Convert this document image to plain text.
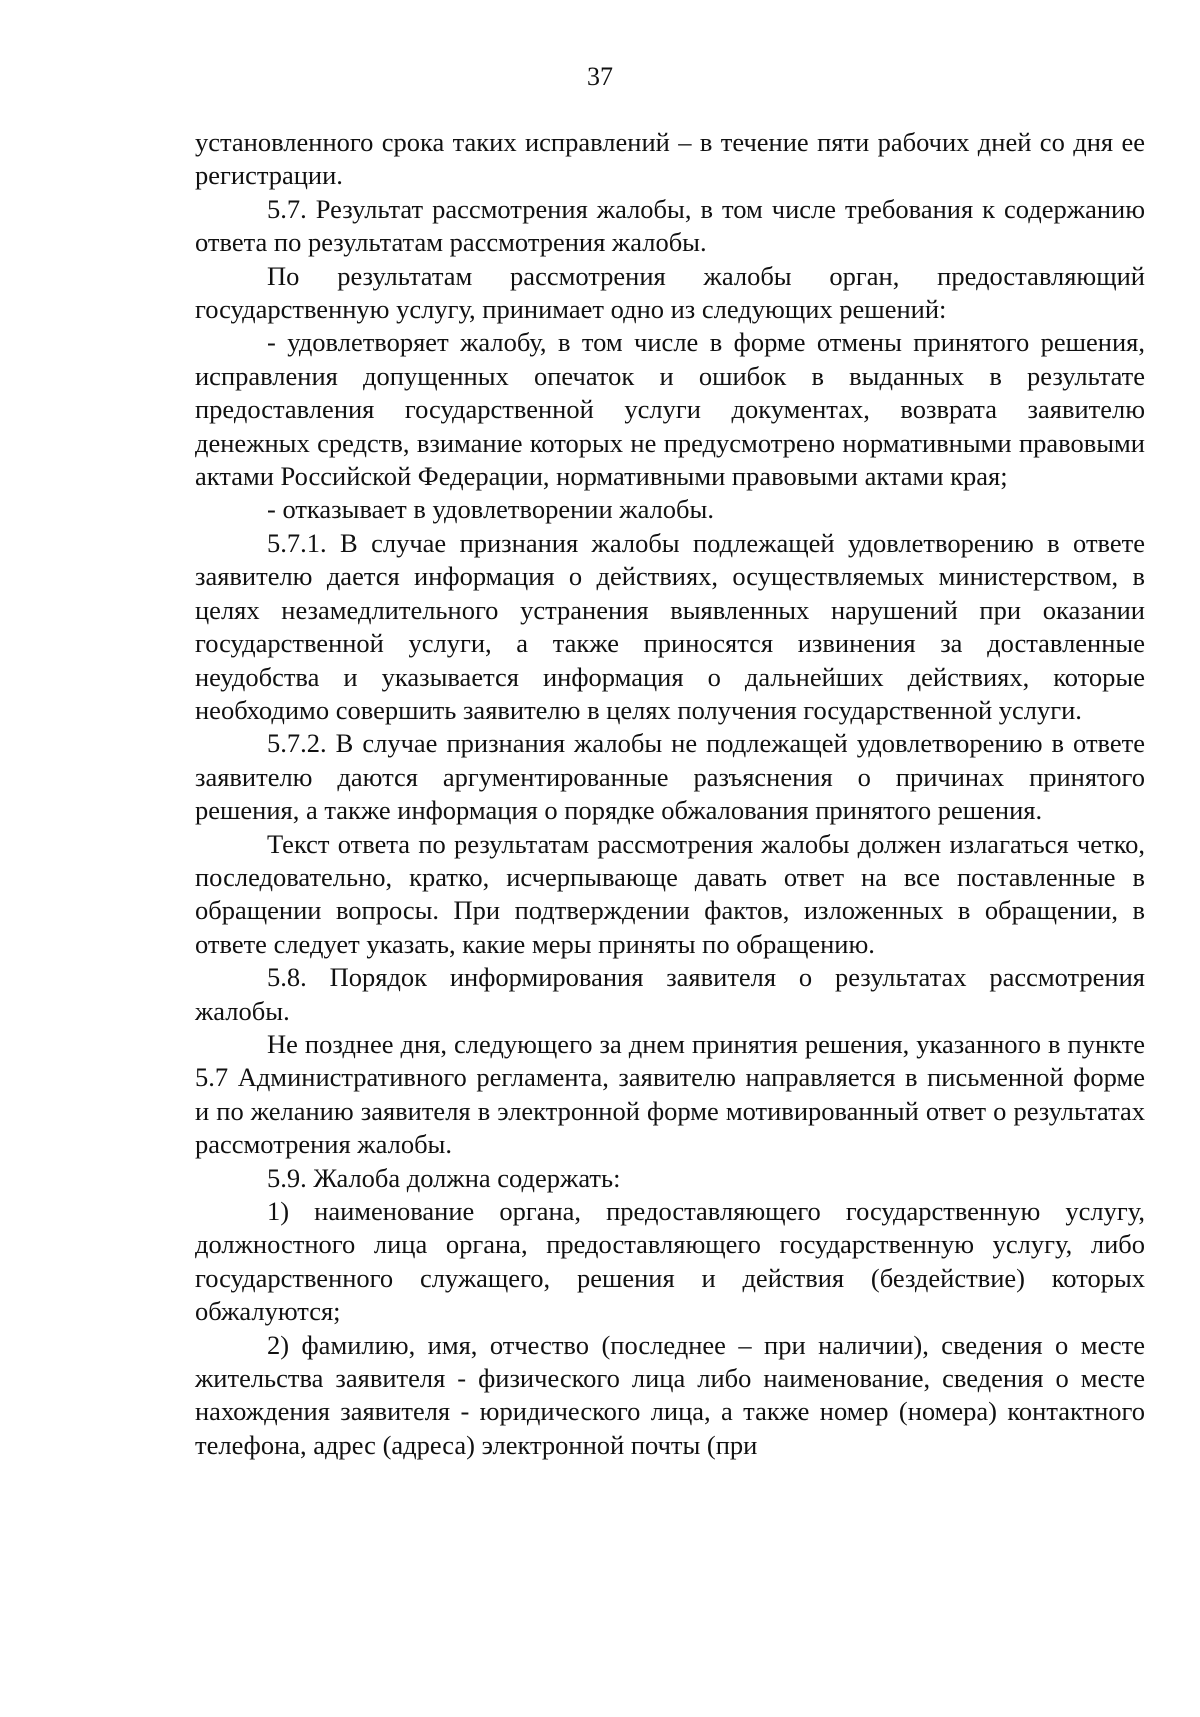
37

установленного срока таких исправлений – в течение пяти рабочих дней со дня ее регистрации.

5.7. Результат рассмотрения жалобы, в том числе требования к содержанию ответа по результатам рассмотрения жалобы.

По результатам рассмотрения жалобы орган, предоставляющий государственную услугу, принимает одно из следующих решений:

- удовлетворяет жалобу, в том числе в форме отмены принятого решения, исправления допущенных опечаток и ошибок в выданных в результате предоставления государственной услуги документах, возврата заявителю денежных средств, взимание которых не предусмотрено нормативными правовыми актами Российской Федерации, нормативными правовыми актами края;

- отказывает в удовлетворении жалобы.

5.7.1. В случае признания жалобы подлежащей удовлетворению в ответе заявителю дается информация о действиях, осуществляемых министерством, в целях незамедлительного устранения выявленных нарушений при оказании государственной услуги, а также приносятся извинения за доставленные неудобства и указывается информация о дальнейших действиях, которые необходимо совершить заявителю в целях получения государственной услуги.

5.7.2. В случае признания жалобы не подлежащей удовлетворению в ответе заявителю даются аргументированные разъяснения о причинах принятого решения, а также информация о порядке обжалования принятого решения.

Текст ответа по результатам рассмотрения жалобы должен излагаться четко, последовательно, кратко, исчерпывающе давать ответ на все поставленные в обращении вопросы. При подтверждении фактов, изложенных в обращении, в ответе следует указать, какие меры приняты по обращению.

5.8. Порядок информирования заявителя о результатах рассмотрения жалобы.

Не позднее дня, следующего за днем принятия решения, указанного в пункте 5.7 Административного регламента, заявителю направляется в письменной форме и по желанию заявителя в электронной форме мотивированный ответ о результатах рассмотрения жалобы.

5.9. Жалоба должна содержать:

1) наименование органа, предоставляющего государственную услугу, должностного лица органа, предоставляющего государственную услугу, либо государственного служащего, решения и действия (бездействие) которых обжалуются;

2) фамилию, имя, отчество (последнее – при наличии), сведения о месте жительства заявителя - физического лица либо наименование, сведения о месте нахождения заявителя - юридического лица, а также номер (номера) контактного телефона, адрес (адреса) электронной почты (при
